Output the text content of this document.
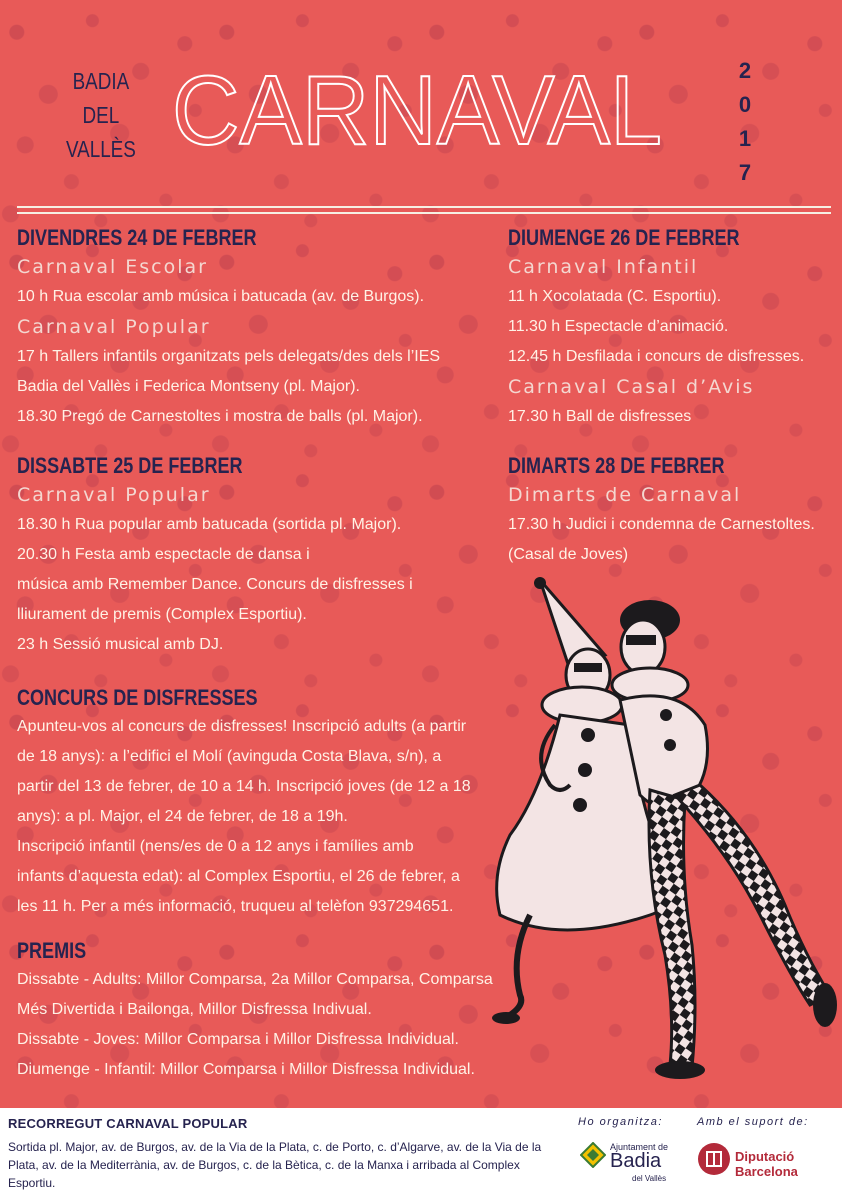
BADIA
DEL
VALLÈS CARNAVAL	2
0
1
7
DIVENDRES 24 DE FEBRER
Carnaval Escolar
10 h Rua escolar amb música i batucada (av. de Burgos).
Carnaval Popular
17 h Tallers infantils organitzats pels delegats/des dels l’IES
Badia del Vallès i Federica Montseny (pl. Major).
18.30 Pregó de Carnestoltes i mostra de balls (pl. Major).
DISSABTE 25 DE FEBRER
Carnaval Popular
18.30 h Rua popular amb batucada (sortida pl. Major).
20.30 h Festa amb espectacle de dansa i
música amb Remember Dance. Concurs de disfresses i
lliurament de premis (Complex Esportiu).
23 h Sessió musical amb DJ.
CONCURS DE DISFRESSES
Apunteu-vos al concurs de disfresses! Inscripció adults (a partir
de 18 anys): a l’edifici el Molí (avinguda Costa Blava, s/n), a
partir del 13 de febrer, de 10 a 14 h. Inscripció joves (de 12 a 18
anys): a pl. Major, el 24 de febrer, de 18 a 19h.
Inscripció infantil (nens/es de 0 a 12 anys i famílies amb
infants d’aquesta edat): al Complex Esportiu, el 26 de febrer, a
les 11 h. Per a més informació, truqueu al telèfon 937294651.
PREMIS
Dissabte - Adults: Millor Comparsa, 2a Millor Comparsa, Comparsa
Més Divertida i Bailonga, Millor Disfressa Indivual.
Dissabte - Joves: Millor Comparsa i Millor Disfressa Individual.
Diumenge - Infantil: Millor Comparsa i Millor Disfressa Individual.
DIUMENGE 26 DE FEBRER
Carnaval Infantil
11 h Xocolatada (C. Esportiu).
11.30 h Espectacle d’animació.
12.45 h Desfilada i concurs de disfresses.
Carnaval Casal d’Avis
17.30 h Ball de disfresses
DIMARTS 28 DE FEBRER
Dimarts de Carnaval
17.30 h Judici i condemna de Carnestoltes.
(Casal de Joves)
RECORREGUT CARNAVAL POPULAR
Sortida pl. Major, av. de Burgos, av. de la Via de la Plata, c. de Porto, c. d’Algarve, av. de la Via de la Plata, av. de la Mediterrània, av. de Burgos, c. de la Bètica, c. de la Manxa i arribada al Complex Esportiu.
Ho organitza:
Ajuntament de
Badia
del Vallès
Amb el suport de:
Diputació
Barcelona
